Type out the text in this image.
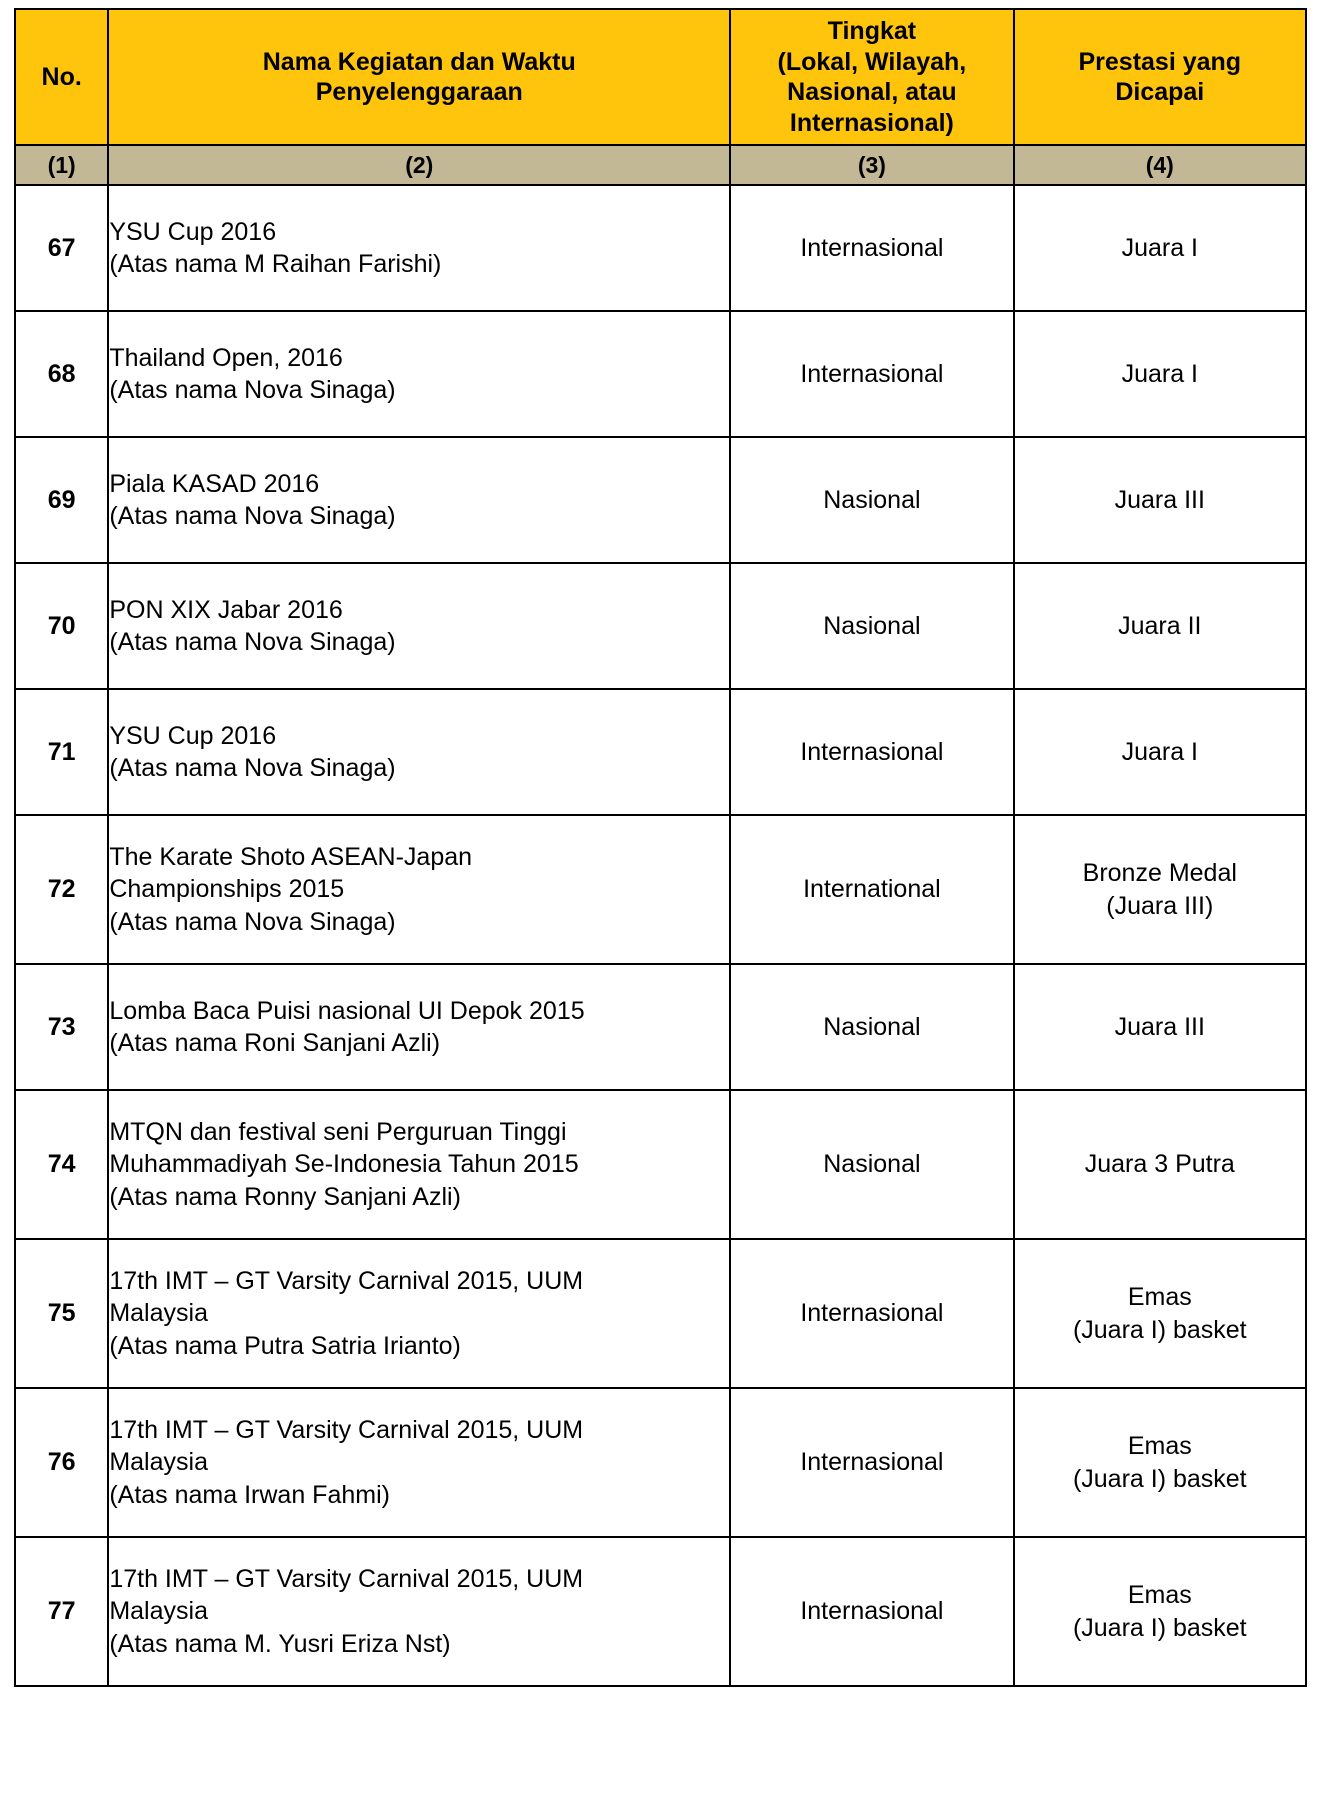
No.	Nama Kegiatan dan Waktu
Penyelenggaraan	Tingkat
(Lokal, Wilayah,
Nasional, atau
Internasional)	Prestasi yang
Dicapai

(1)	(2)	(3)	(4)
67	YSU Cup 2016
(Atas nama M Raihan Farishi)	Internasional	Juara I

68	Thailand Open, 2016
(Atas nama Nova Sinaga)	Internasional	Juara I

69	Piala KASAD 2016
(Atas nama Nova Sinaga)	Nasional	Juara III

70	PON XIX Jabar 2016
(Atas nama Nova Sinaga)	Nasional	Juara II

71	YSU Cup 2016
(Atas nama Nova Sinaga)	Internasional	Juara I

72	The Karate Shoto ASEAN-Japan
Championships 2015
(Atas nama Nova Sinaga)	International	Bronze Medal
(Juara III)

73	Lomba Baca Puisi nasional UI Depok 2015
(Atas nama Roni Sanjani Azli)	Nasional	Juara III

74	MTQN dan festival seni Perguruan Tinggi
Muhammadiyah Se-Indonesia Tahun 2015
(Atas nama Ronny Sanjani Azli)	Nasional	Juara 3 Putra

75	17th IMT – GT Varsity Carnival 2015, UUM
Malaysia
(Atas nama Putra Satria Irianto)	Internasional	Emas
(Juara I) basket

76	17th IMT – GT Varsity Carnival 2015, UUM
Malaysia
(Atas nama Irwan Fahmi)	Internasional	Emas
(Juara I) basket

77	17th IMT – GT Varsity Carnival 2015, UUM
Malaysia
(Atas nama M. Yusri Eriza Nst)	Internasional	Emas
(Juara I) basket
